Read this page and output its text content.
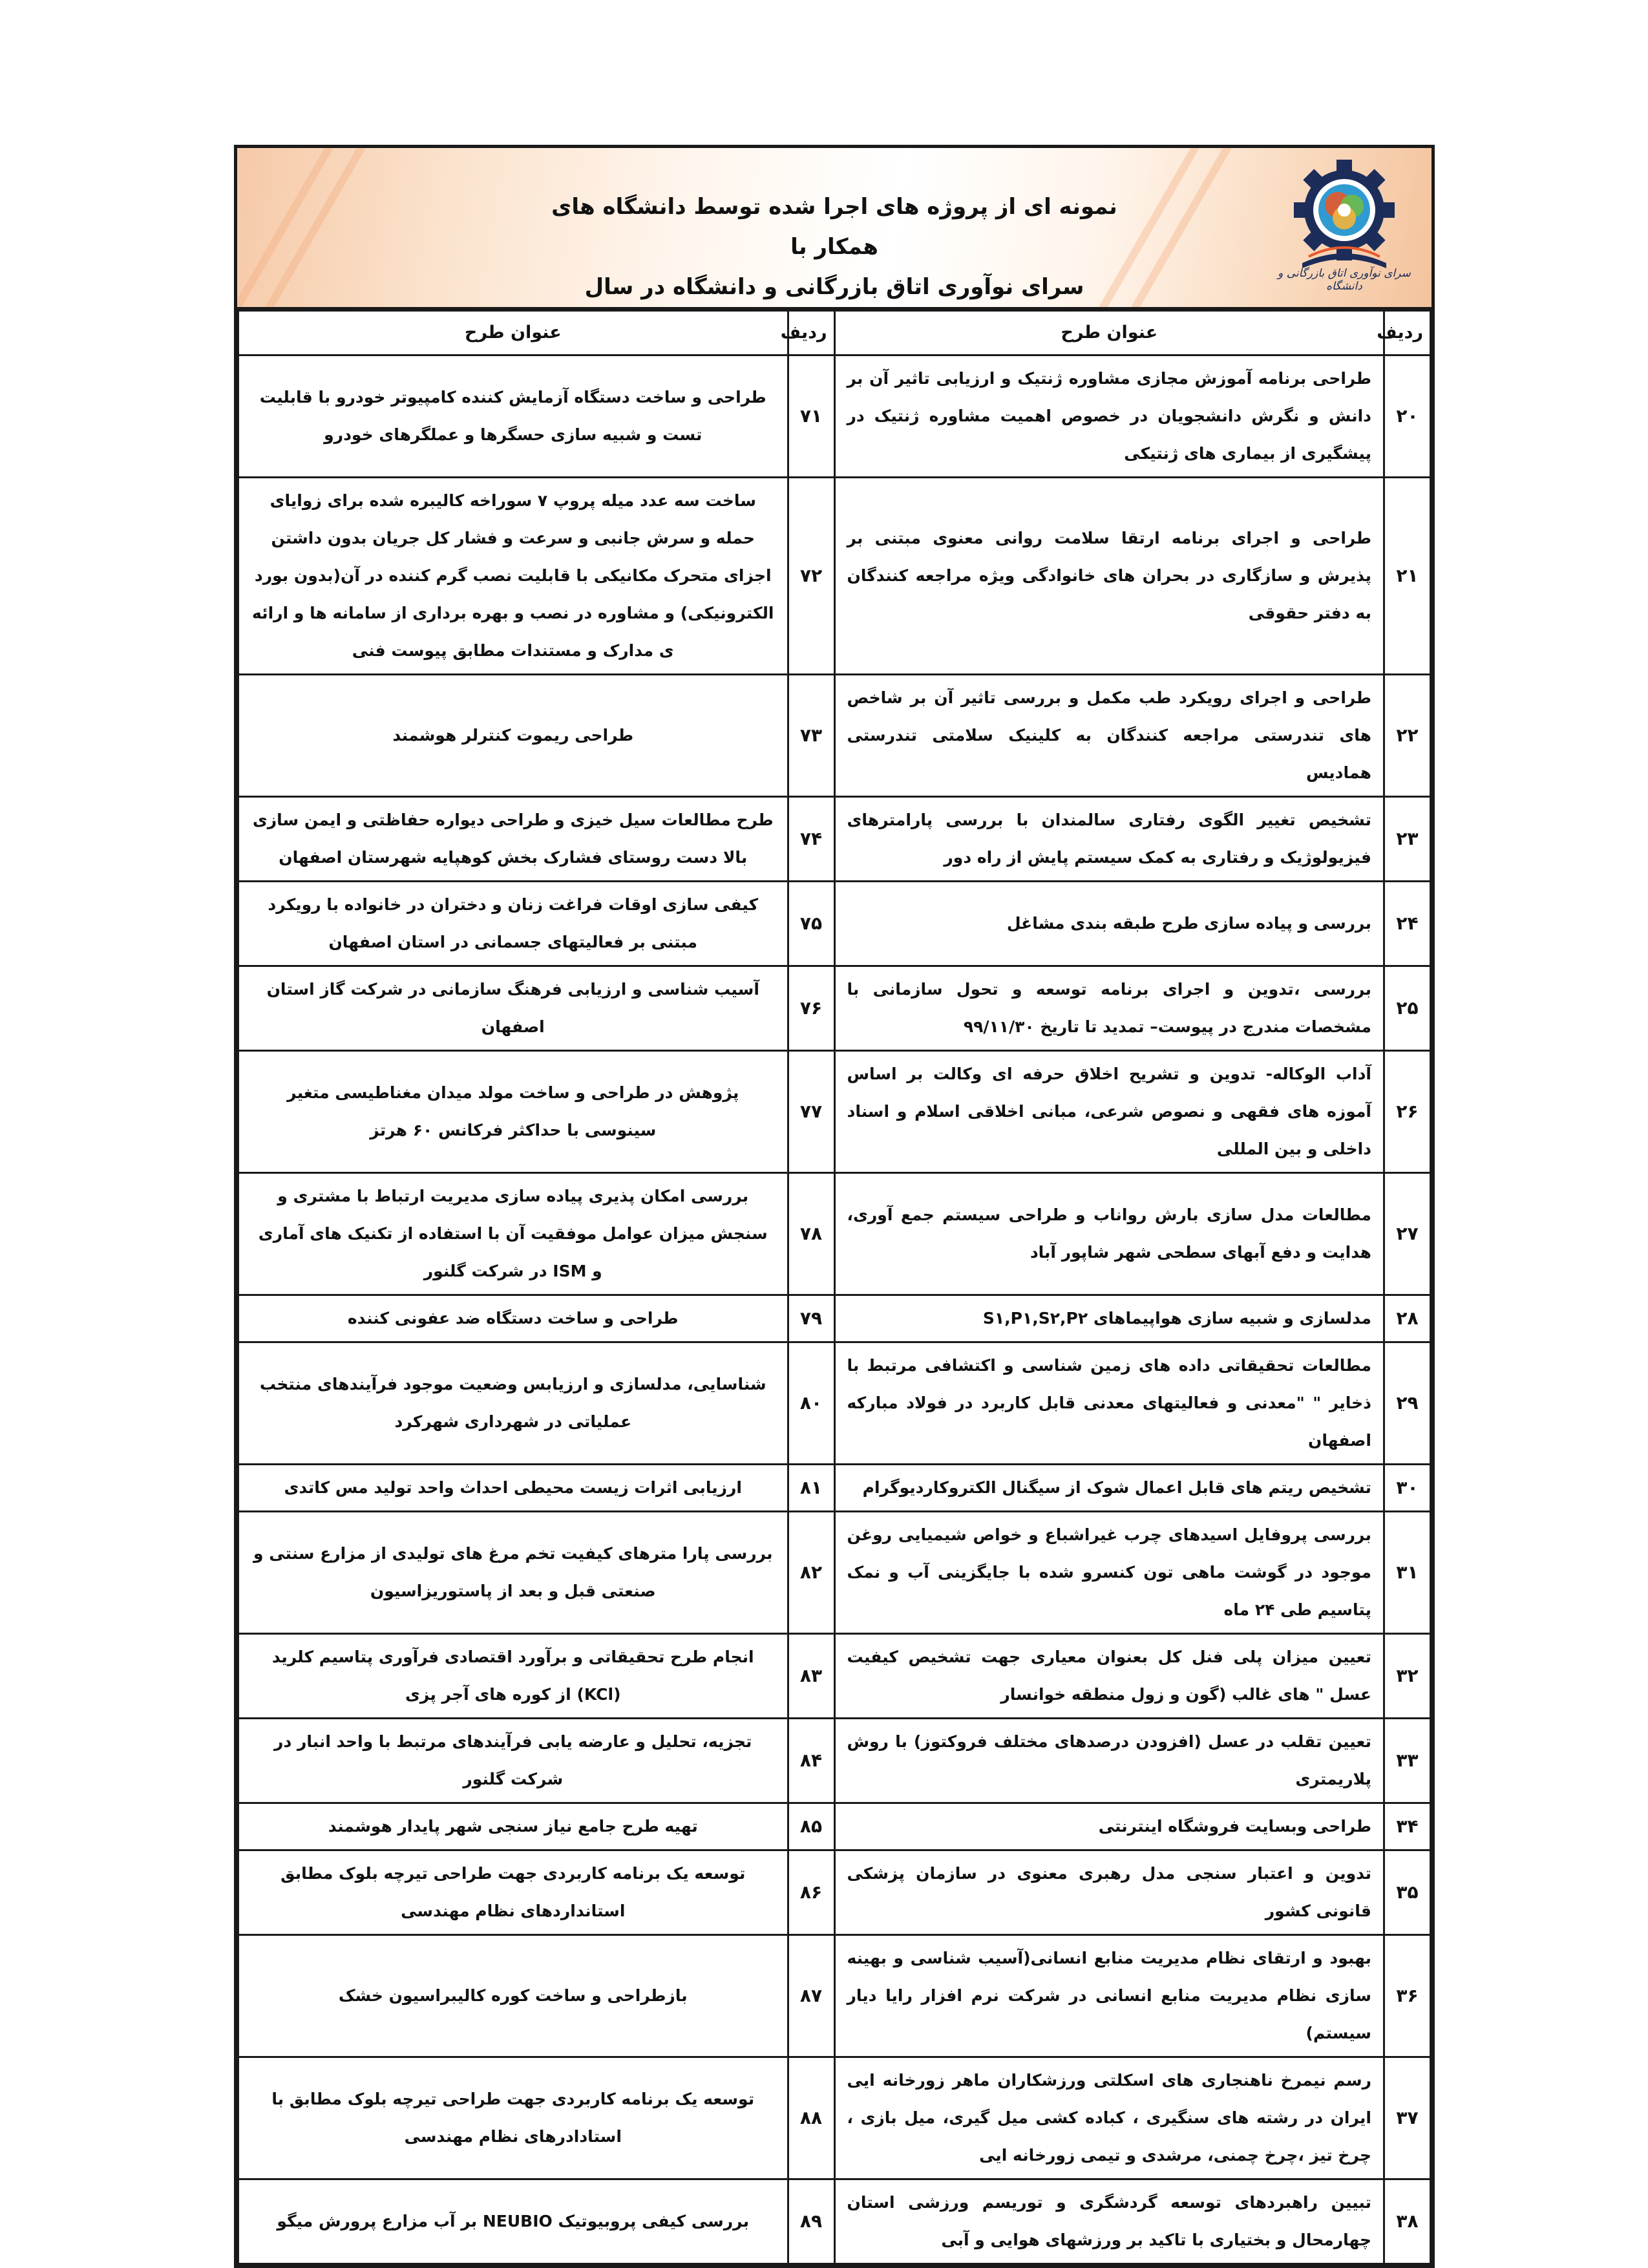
نمونه ای از پروژه های اجرا شده توسط دانشگاه های همکار با
سرای نوآوری اتاق بازرگانی و دانشگاه در سال
سرای نوآوری اتاق بازرگانی و دانشگاه
ردیف	عنوان طرح	ردیف	عنوان طرح
۲۰	طراحی برنامه آموزش مجازی مشاوره ژنتیک و ارزیابی تاثیر آن بر دانش و نگرش دانشجویان در خصوص اهمیت مشاوره ژنتیک در پیشگیری از بیماری های ژنتیکی	۷۱	طراحی و ساخت دستگاه آزمایش کننده کامپیوتر خودرو با قابلیت تست و شبیه سازی حسگرها و عملگرهای خودرو
۲۱	طراحی و اجرای برنامه ارتقا سلامت روانی معنوی مبتنی بر پذیرش و سازگاری در بحران های خانوادگی ویژه مراجعه کنندگان به دفتر حقوقی	۷۲	ساخت سه عدد میله پروپ ۷ سوراخه کالیبره شده برای زوایای حمله و سرش جانبی و سرعت و فشار کل جریان بدون داشتن اجزای متحرک مکانیکی با قابلیت نصب گرم کننده در آن(بدون بورد الکترونیکی) و مشاوره در نصب و بهره برداری از سامانه ها و ارائه ی مدارک و مستندات مطابق پیوست فنی
۲۲	طراحی و اجرای رویکرد طب مکمل و بررسی تاثیر آن بر شاخص های تندرستی مراجعه کنندگان به کلینیک سلامتی تندرستی همادیس	۷۳	طراحی ریموت کنترلر هوشمند
۲۳	تشخیص تغییر الگوی رفتاری سالمندان با بررسی پارامترهای فیزیولوژیک و رفتاری به کمک سیستم پایش از راه دور	۷۴	طرح مطالعات سیل خیزی و طراحی دیواره حفاظتی و ایمن سازی بالا دست روستای فشارک بخش کوهپایه شهرستان اصفهان
۲۴	بررسی و پیاده سازی طرح طبقه بندی مشاغل	۷۵	کیفی سازی اوقات فراغت زنان و دختران در خانواده با رویکرد مبتنی بر فعالیتهای جسمانی در استان اصفهان
۲۵	بررسی ،تدوین و اجرای برنامه توسعه و تحول سازمانی با مشخصات مندرج در پیوست– تمدید تا تاریخ ۹۹/۱۱/۳۰	۷۶	آسیب شناسی و ارزیابی فرهنگ سازمانی در شرکت گاز استان اصفهان
۲۶	آداب الوکاله- تدوین و تشریح اخلاق حرفه ای وکالت بر اساس آموزه های فقهی و نصوص شرعی، مبانی اخلاقی اسلام و اسناد داخلی و بین المللی	۷۷	پژوهش در طراحی و ساخت مولد میدان مغناطیسی متغیر سینوسی با حداکثر فرکانس ۶۰ هرتز
۲۷	مطالعات مدل سازی بارش رواناب و طراحی سیستم جمع آوری، هدایت و دفع آبهای سطحی شهر شاپور آباد	۷۸	بررسی امکان پذیری پیاده سازی مدیریت ارتباط با مشتری و سنجش میزان عوامل موفقیت آن با استفاده از تکنیک های آماری و ISM در شرکت گلنور
۲۸	مدلسازی و شبیه سازی هواپیماهای S۱,P۱,S۲,P۲	۷۹	طراحی و ساخت دستگاه ضد عفونی کننده
۲۹	مطالعات تحقیقاتی داده های زمین شناسی و اکتشافی مرتبط با ذخایر " "معدنی و فعالیتهای معدنی قابل کاربرد در فولاد مبارکه اصفهان	۸۰	شناسایی، مدلسازی و ارزیابس وضعیت موجود فرآیندهای منتخب عملیاتی در شهرداری شهرکرد
۳۰	تشخیص ریتم های قابل اعمال شوک از سیگنال الکتروکاردیوگرام	۸۱	ارزیابی اثرات زیست محیطی احداث واحد تولید مس کاتدی
۳۱	بررسی پروفایل اسیدهای چرب غیراشباع و خواص شیمیایی روغن موجود در گوشت ماهی تون کنسرو شده با جایگزینی آب و نمک پتاسیم طی ۲۴ ماه	۸۲	بررسی پارا مترهای کیفیت تخم مرغ های تولیدی از مزارع سنتی و صنعتی قبل و بعد از پاستوریزاسیون
۳۲	تعیین میزان پلی فنل کل بعنوان معیاری جهت تشخیص کیفیت عسل " های غالب (گون و زول منطقه خوانسار	۸۳	انجام طرح تحقیقاتی و برآورد اقتصادی فرآوری پتاسیم کلرید (KCl) از کوره های آجر پزی
۳۳	تعیین تقلب در عسل (افزودن درصدهای مختلف فروکتوز) با روش پلاریمتری	۸۴	تجزیه، تحلیل و عارضه یابی فرآیندهای مرتبط با واحد انبار در شرکت گلنور
۳۴	طراحی وبسایت فروشگاه اینترنتی	۸۵	تهیه طرح جامع نیاز سنجی شهر پایدار هوشمند
۳۵	تدوین و اعتبار سنجی مدل رهبری معنوی در سازمان پزشکی قانونی کشور	۸۶	توسعه یک برنامه کاربردی جهت طراحی تیرچه بلوک مطابق استانداردهای نظام مهندسی
۳۶	بهبود و ارتقای نظام مدیریت منابع انسانی(آسیب شناسی و بهینه سازی نظام مدیریت منابع انسانی در شرکت نرم افزار رایا دیار سیستم)	۸۷	بازطراحی و ساخت کوره کالیبراسیون خشک
۳۷	رسم نیمرخ ناهنجاری های اسکلتی ورزشکاران ماهر زورخانه ایی ایران در رشته های سنگیری ، کباده کشی میل گیری، میل بازی ، چرخ تیز ،چرخ چمنی، مرشدی و تیمی زورخانه ایی	۸۸	توسعه یک برنامه کاربردی جهت طراحی تیرچه بلوک مطابق با استادادرهای نظام مهندسی
۳۸	تبیین راهبردهای توسعه گردشگری و توریسم ورزشی استان چهارمحال و بختیاری با تاکید بر ورزشهای هوایی و آبی	۸۹	بررسی کیفی پروبیوتیک NEUBIO بر آب مزارع پرورش میگو
